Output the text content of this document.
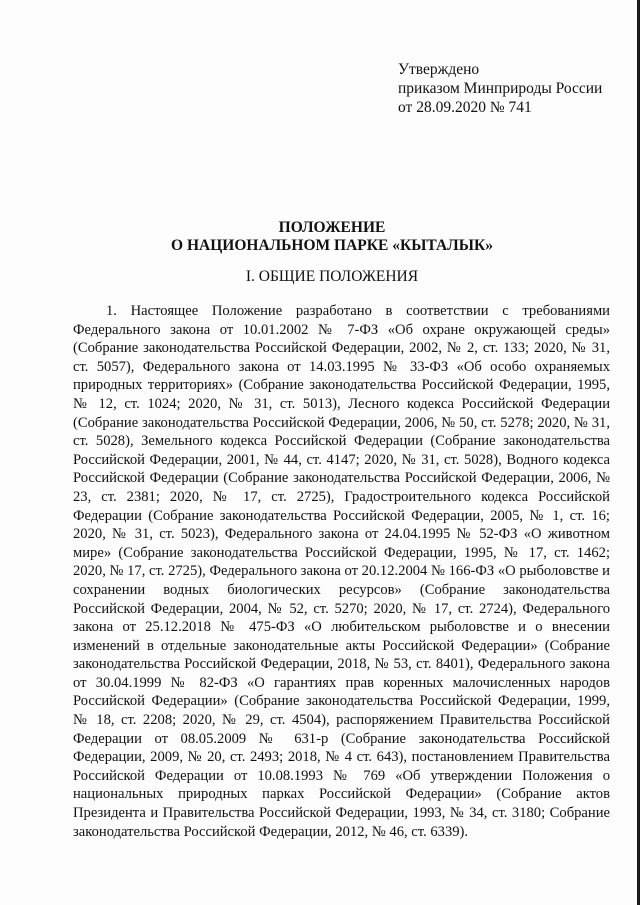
Утверждено
приказом Минприроды России
от 28.09.2020 № 741
ПОЛОЖЕНИЕ
О НАЦИОНАЛЬНОМ ПАРКЕ «КЫТАЛЫК»
I. ОБЩИЕ ПОЛОЖЕНИЯ

1. Настоящее Положение разработано в соответствии с требованиями Федерального закона от 10.01.2002 № 7-ФЗ «Об охране окружающей среды» (Собрание законодательства Российской Федерации, 2002, № 2, ст. 133; 2020, № 31, ст. 5057), Федерального закона от 14.03.1995 № 33-ФЗ «Об особо охраняемых природных территориях» (Собрание законодательства Российской Федерации, 1995, № 12, ст. 1024; 2020, № 31, ст. 5013), Лесного кодекса Российской Федерации (Собрание законодательства Российской Федерации, 2006, № 50, ст. 5278; 2020, № 31, ст. 5028), Земельного кодекса Российской Федерации (Собрание законодательства Российской Федерации, 2001, № 44, ст. 4147; 2020, № 31, ст. 5028), Водного кодекса Российской Федерации (Собрание законодательства Российской Федерации, 2006, № 23, ст. 2381; 2020, № 17, ст. 2725), Градостроительного кодекса Российской Федерации (Собрание законодательства Российской Федерации, 2005, № 1, ст. 16; 2020, № 31, ст. 5023), Федерального закона от 24.04.1995 № 52-ФЗ «О животном мире» (Собрание законодательства Российской Федерации, 1995, № 17, ст. 1462; 2020, № 17, ст. 2725), Федерального закона от 20.12.2004 № 166-ФЗ «О рыболовстве и сохранении водных биологических ресурсов» (Собрание законодательства Российской Федерации, 2004, № 52, ст. 5270; 2020, № 17, ст. 2724), Федерального закона от 25.12.2018 № 475-ФЗ «О любительском рыболовстве и о внесении изменений в отдельные законодательные акты Российской Федерации» (Собрание законодательства Российской Федерации, 2018, № 53, ст. 8401), Федерального закона от 30.04.1999 № 82-ФЗ «О гарантиях прав коренных малочисленных народов Российской Федерации» (Собрание законодательства Российской Федерации, 1999, № 18, ст. 2208; 2020, № 29, ст. 4504), распоряжением Правительства Российской Федерации от 08.05.2009 № 631-р (Собрание законодательства Российской Федерации, 2009, № 20, ст. 2493; 2018, № 4 ст. 643), постановлением Правительства Российской Федерации от 10.08.1993 № 769 «Об утверждении Положения о национальных природных парках Российской Федерации» (Собрание актов Президента и Правительства Российской Федерации, 1993, № 34, ст. 3180; Собрание законодательства Российской Федерации, 2012, № 46, ст. 6339).
